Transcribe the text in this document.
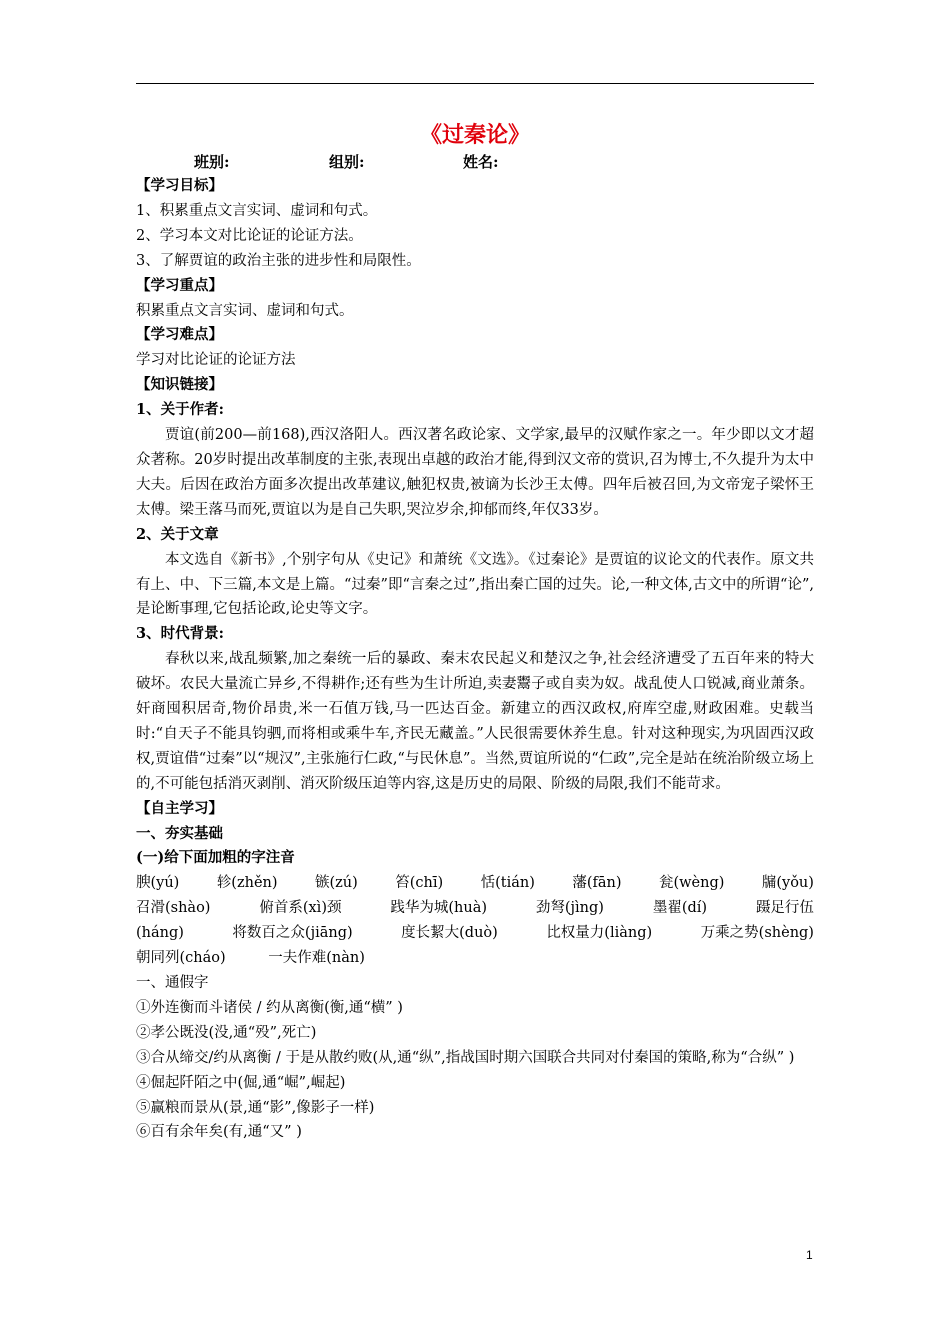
《过秦论》
班别:	组别:	姓名:
【学习目标】
1、积累重点文言实词、虚词和句式。
2、学习本文对比论证的论证方法。
3、了解贾谊的政治主张的进步性和局限性。
【学习重点】
积累重点文言实词、虚词和句式。
【学习难点】
学习对比论证的论证方法
【知识链接】
1、关于作者:
贾谊(前200—前168),西汉洛阳人。西汉著名政论家、文学家,最早的汉赋作家之一。年少即以文才超众著称。20岁时提出改革制度的主张,表现出卓越的政治才能,得到汉文帝的赏识,召为博士,不久提升为太中大夫。后因在政治方面多次提出改革建议,触犯权贵,被谪为长沙王太傅。四年后被召回,为文帝宠子梁怀王太傅。梁王落马而死,贾谊以为是自己失职,哭泣岁余,抑郁而终,年仅33岁。
2、关于文章
本文选自《新书》,个别字句从《史记》和萧统《文选》。《过秦论》是贾谊的议论文的代表作。原文共有上、中、下三篇,本文是上篇。“过秦”即“言秦之过”,指出秦亡国的过失。论,一种文体,古文中的所谓“论”,是论断事理,它包括论政,论史等文字。
3、时代背景:
春秋以来,战乱频繁,加之秦统一后的暴政、秦末农民起义和楚汉之争,社会经济遭受了五百年来的特大破坏。农民大量流亡异乡,不得耕作;还有些为生计所迫,卖妻鬻子或自卖为奴。战乱使人口锐减,商业萧条。奸商囤积居奇,物价昂贵,米一石值万钱,马一匹达百金。新建立的西汉政权,府库空虚,财政困难。史载当时:“自天子不能具钧驷,而将相或乘牛车,齐民无藏盖。”人民很需要休养生息。针对这种现实,为巩固西汉政权,贾谊借“过秦”以“规汉”,主张施行仁政,“与民休息”。当然,贾谊所说的“仁政”,完全是站在统治阶级立场上的,不可能包括消灭剥削、消灭阶级压迫等内容,这是历史的局限、阶级的局限,我们不能苛求。
【自主学习】
一、夯实基础
(一)给下面加粗的字注音
腴(yú)	轸(zhěn)	镞(zú)	笞(chī)	恬(tián)	藩(fān)	瓮(wèng)	牖(yǒu)
召滑(shào)	俯首系(xì)颈	践华为城(huà)	劲弩(jìng)	墨翟(dí)	蹑足行伍
(háng)	将数百之众(jiāng)	度长絜大(duò)	比权量力(liàng)	万乘之势(shèng)
朝同列(cháo)	一夫作难(nàn)
一、通假字
①外连衡而斗诸侯 / 约从离衡(衡,通“横” )
②孝公既没(没,通“殁”,死亡)
③合从缔交/约从离衡 / 于是从散约败(从,通“纵”,指战国时期六国联合共同对付秦国的策略,称为“合纵” )
④倔起阡陌之中(倔,通“崛”,崛起)
⑤赢粮而景从(景,通“影”,像影子一样)
⑥百有余年矣(有,通“又” )
1
